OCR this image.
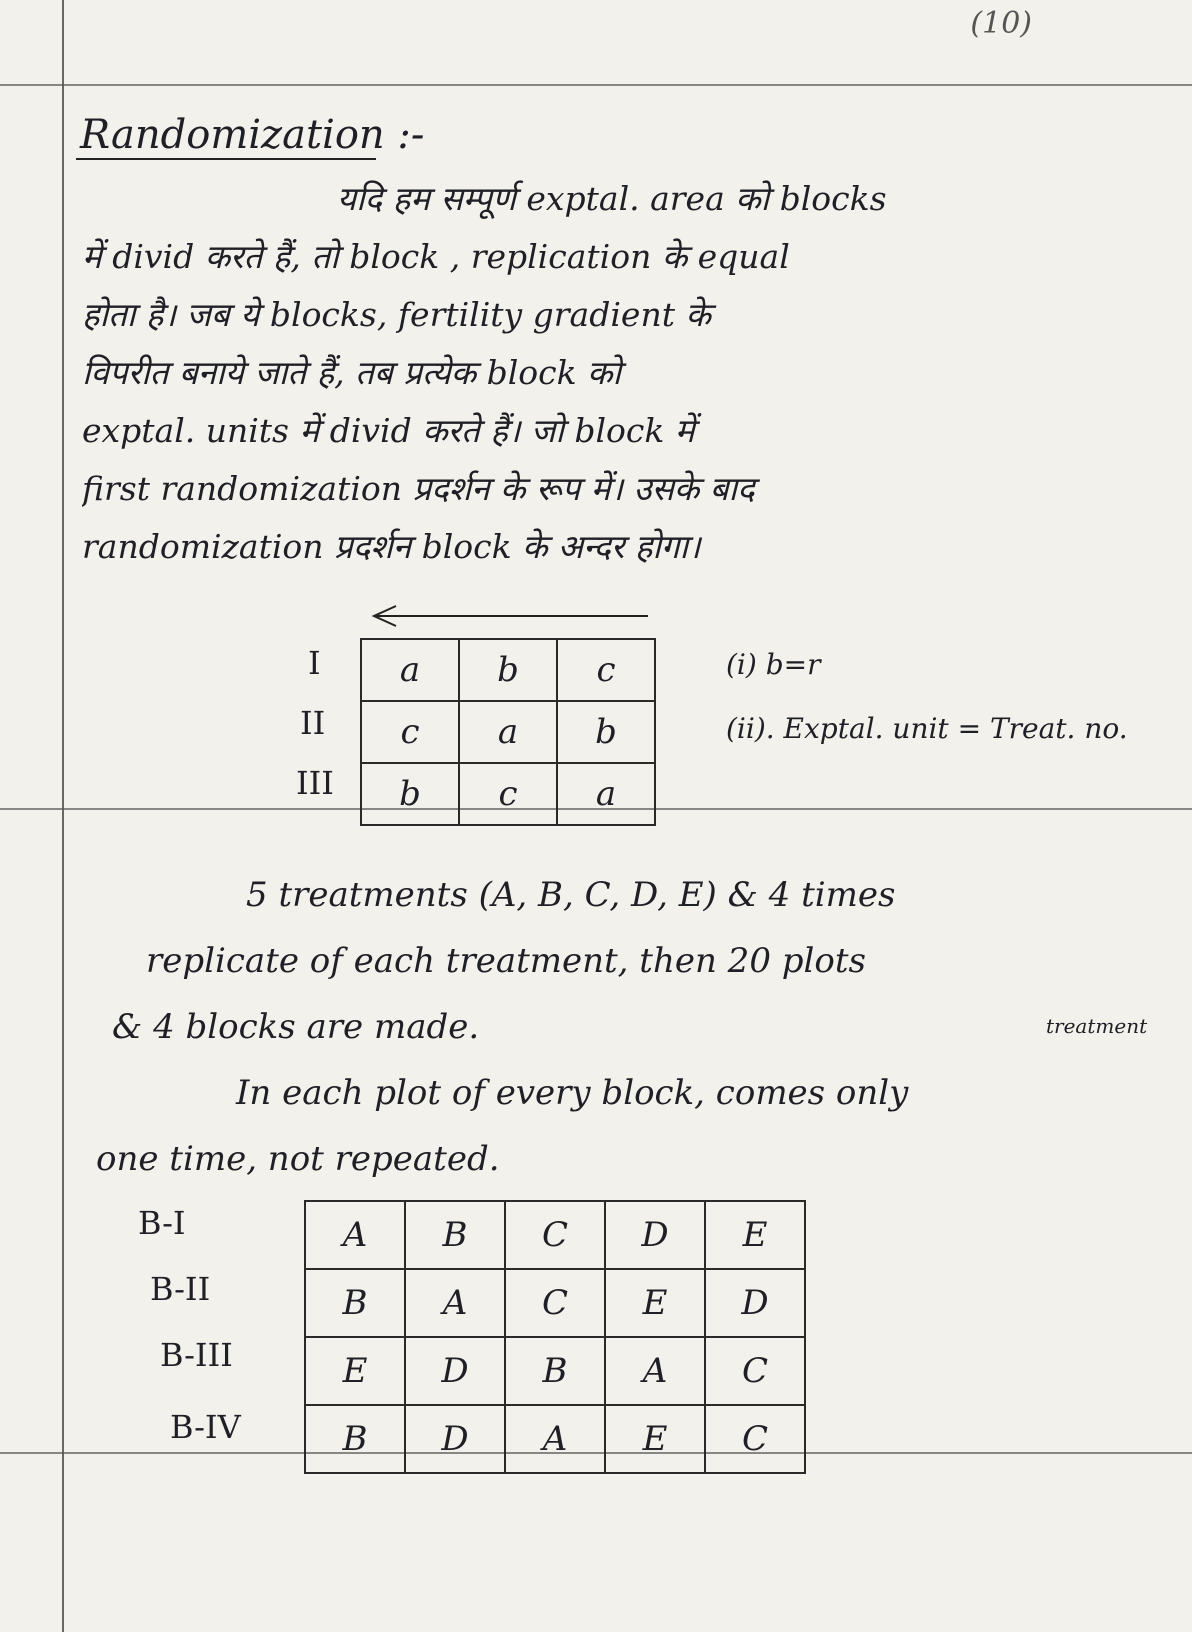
(10)
Randomization :-
यदि हम सम्पूर्ण exptal. area को blocks
में divid करते हैं, तो block , replication के equal
होता है। जब ये blocks, fertility gradient के
विपरीत बनाये जाते हैं, तब प्रत्येक block को
exptal. units में divid करते हैं। जो block में
first randomization प्रदर्शन के रूप में। उसके बाद
randomization प्रदर्शन block के अन्दर होगा।
I
II
III
a	b	c
c	a	b
b	c	a
(i) b=r
(ii). Exptal. unit = Treat. no.
5 treatments (A, B, C, D, E) & 4 times
replicate of each treatment, then 20 plots
& 4 blocks are made.
In each plot of every block, comes only
one time, not repeated.
treatment
B-I
B-II
B-III
B-IV
A	B	C	D	E
B	A	C	E	D
E	D	B	A	C
B	D	A	E	C
